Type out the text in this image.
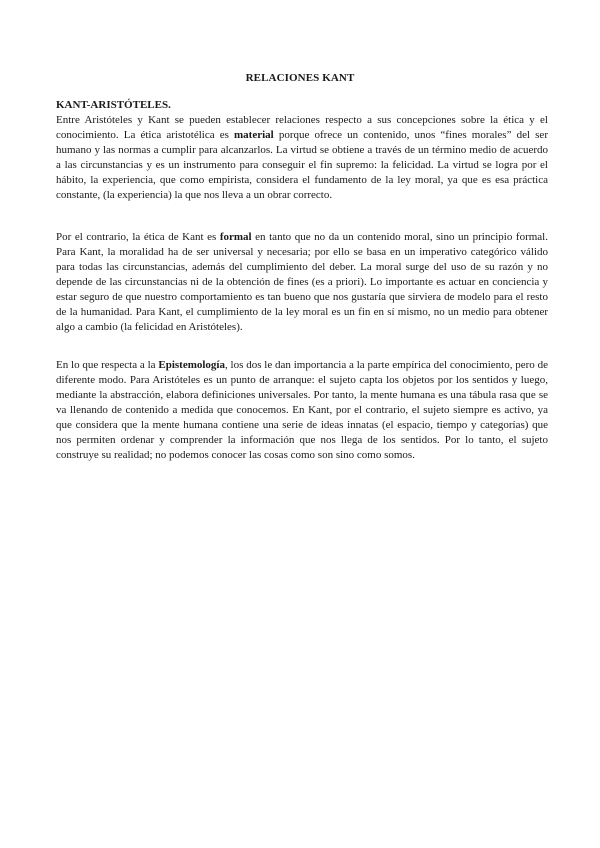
RELACIONES KANT
KANT-ARISTÓTELES.

Entre Aristóteles y Kant se pueden establecer relaciones respecto a sus concepciones sobre la ética y el conocimiento. La ética aristotélica es material porque ofrece un contenido, unos “fines morales” del ser humano y las normas a cumplir para alcanzarlos. La virtud se obtiene a través de un término medio de acuerdo a las circunstancias y es un instrumento para conseguir el fin supremo: la felicidad. La virtud se logra por el hábito, la experiencia, que como empirista, considera el fundamento de la ley moral, ya que es esa práctica constante, (la experiencia) la que nos lleva a un obrar correcto.

Por el contrario, la ética de Kant es formal en tanto que no da un contenido moral, sino un principio formal. Para Kant, la moralidad ha de ser universal y necesaria; por ello se basa en un imperativo categórico válido para todas las circunstancias, además del cumplimiento del deber. La moral surge del uso de su razón y no depende de las circunstancias ni de la obtención de fines (es a priori). Lo importante es actuar en conciencia y estar seguro de que nuestro comportamiento es tan bueno que nos gustaría que sirviera de modelo para el resto de la humanidad. Para Kant, el cumplimiento de la ley moral es un fin en sí mismo, no un medio para obtener algo a cambio (la felicidad en Aristóteles).

En lo que respecta a la Epistemología, los dos le dan importancia a la parte empírica del conocimiento, pero de diferente modo. Para Aristóteles es un punto de arranque: el sujeto capta los objetos por los sentidos y luego, mediante la abstracción, elabora definiciones universales. Por tanto, la mente humana es una tábula rasa que se va llenando de contenido a medida que conocemos. En Kant, por el contrario, el sujeto siempre es activo, ya que considera que la mente humana contiene una serie de ideas innatas (el espacio, tiempo y categorías) que nos permiten ordenar y comprender la información que nos llega de los sentidos. Por lo tanto, el sujeto construye su realidad; no podemos conocer las cosas como son sino como somos.
